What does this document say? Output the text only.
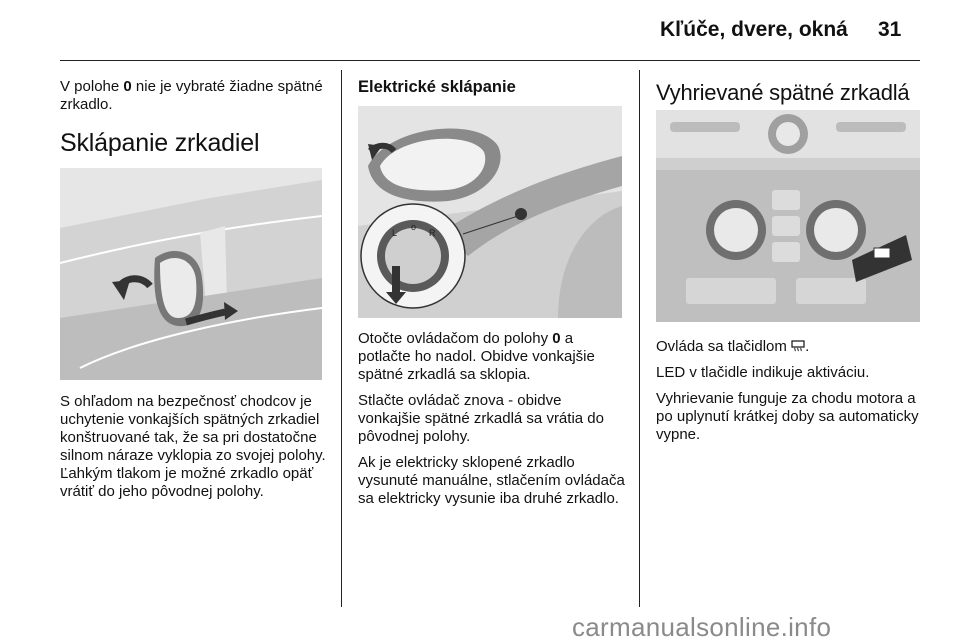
Kľúče, dvere, okná 31

V polohe 0 nie je vybraté žiadne spätné zrkadlo.

Sklápanie zrkadiel

S ohľadom na bezpečnosť chodcov je uchytenie vonkajších spätných zrkadiel konštruované tak, že sa pri dostatočne silnom náraze vyklopia zo svojej polohy. Ľahkým tlakom je možné zrkadlo opäť vrátiť do jeho pôvodnej polohy.

Elektrické sklápanie
L
o
R

Otočte ovládačom do polohy 0 a potlačte ho nadol. Obidve vonkajšie spätné zrkadlá sa sklopia.

Stlačte ovládač znova - obidve vonkajšie spätné zrkadlá sa vrátia do pôvodnej polohy.

Ak je elektricky sklopené zrkadlo vysunuté manuálne, stlačením ovládača sa elektricky vysunie iba druhé zrkadlo.

Vyhrievané spätné zrkadlá

Ovláda sa tlačidlom .

LED v tlačidle indikuje aktiváciu.

Vyhrievanie funguje za chodu motora a po uplynutí krátkej doby sa automaticky vypne.

carmanualsonline.info
